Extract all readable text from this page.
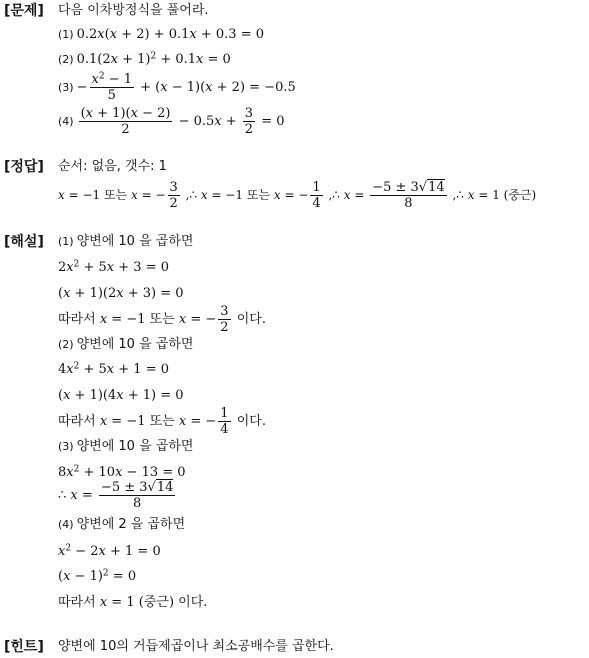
[문제] 다음 이차방정식을 풀어라.
(1) 0.2x(x + 2) + 0.1x + 0.3 = 0
(2) $0.1(2x + 1)^2 + 0.1x = 0$
$(3) - \frac{x^2 - 1}{5} + (x - 1)(x + 2) = -0.5$
$(4) \frac{(x + 1)(x - 2)}{2} - 0.5x + \frac{3}{2} = 0$
[정답] 순서: 없음, 갯수: 1
x = −1 또는 x = − $\frac{3}{2}$ ,∴ x = −1 또는 x = − $\frac{1}{4}$ ,∴ $x = \frac{-5 \pm 3√14}{8}$ ,∴ x = 1 (중근)
[해설] (1) 양변에 10 을 곱하면
$2x^2 + 5x + 3 = 0$
(x + 1)(2x + 3) = 0
따라서 x = −1 또는 x = − $\frac{3}{2}$ 이다.
(2) 양변에 10 을 곱하면
$4x^2 + 5x + 1 = 0$
(x + 1)(4x + 1) = 0
따라서 x = −1 또는 x = − $\frac{1}{4}$ 이다.
(3) 양변에 10 을 곱하면
$8x^2 + 10x - 13 = 0$
∴ $x = \frac{-5 \pm 3√14}{8}$
(4) 양변에 2 을 곱하면
$x^2 - 2x + 1 = 0$
$(x - 1)^2 = 0$
따라서 x = 1 (중근) 이다.
[힌트] 양변에 10의 거듭제곱이나 최소공배수를 곱한다.
